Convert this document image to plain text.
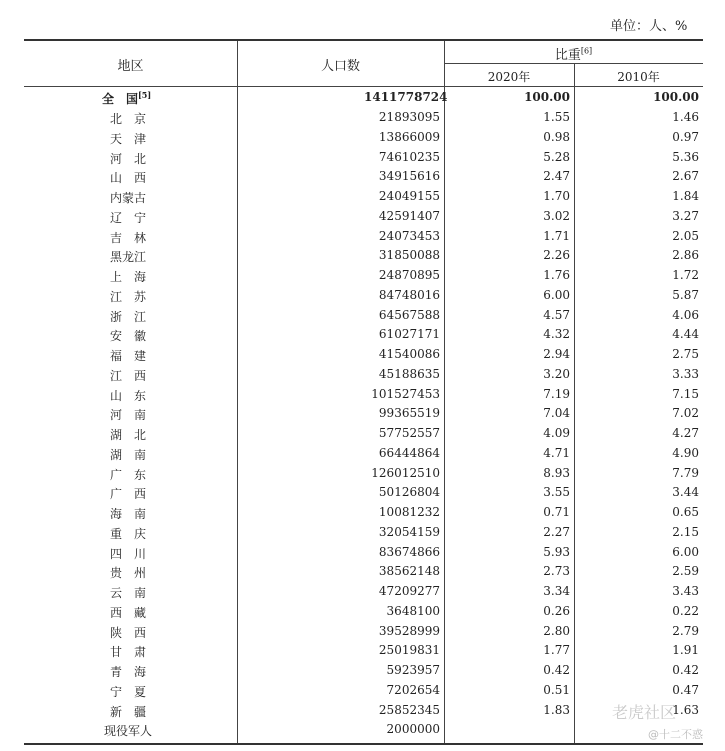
单位：人、%
地区	人口数
比重[6]
2020年	2010年
全　国[5]	1411778724	100.00	100.00
北京	21893095	1.55	1.46
天津	13866009	0.98	0.97
河北	74610235	5.28	5.36
山西	34915616	2.47	2.67
内蒙古	24049155	1.70	1.84
辽宁	42591407	3.02	3.27
吉林	24073453	1.71	2.05
黑龙江	31850088	2.26	2.86
上海	24870895	1.76	1.72
江苏	84748016	6.00	5.87
浙江	64567588	4.57	4.06
安徽	61027171	4.32	4.44
福建	41540086	2.94	2.75
江西	45188635	3.20	3.33
山东	101527453	7.19	7.15
河南	99365519	7.04	7.02
湖北	57752557	4.09	4.27
湖南	66444864	4.71	4.90
广东	126012510	8.93	7.79
广西	50126804	3.55	3.44
海南	10081232	0.71	0.65
重庆	32054159	2.27	2.15
四川	83674866	5.93	6.00
贵州	38562148	2.73	2.59
云南	47209277	3.34	3.43
西藏	3648100	0.26	0.22
陕西	39528999	2.80	2.79
甘肃	25019831	1.77	1.91
青海	5923957	0.42	0.42
宁夏	7202654	0.51	0.47
新疆	25852345	1.83	1.63
现役军人	2000000
老虎社区
@十二不惑
